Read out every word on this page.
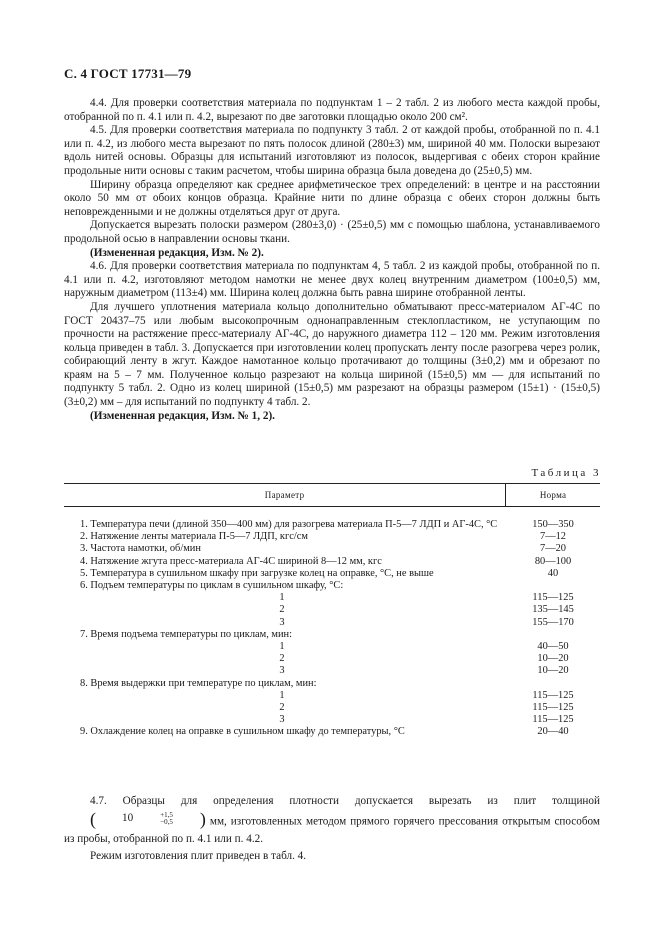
С. 4 ГОСТ 17731—79

4.4. Для проверки соответствия материала по подпунктам 1 – 2 табл. 2 из любого места каждой пробы, отобранной по п. 4.1 или п. 4.2, вырезают по две заготовки площадью около 200 см².

4.5. Для проверки соответствия материала по подпункту 3 табл. 2 от каждой пробы, отобранной по п. 4.1 или п. 4.2, из любого места вырезают по пять полосок длиной (280±3) мм, шириной 40 мм. Полоски вырезают вдоль нитей основы. Образцы для испытаний изготовляют из полосок, выдергивая с обеих сторон крайние продольные нити основы с таким расчетом, чтобы ширина образца была доведена до (25±0,5) мм.

Ширину образца определяют как среднее арифметическое трех определений: в центре и на расстоянии около 50 мм от обоих концов образца. Крайние нити по длине образца с обеих сторон должны быть неповрежденными и не должны отделяться друг от друга.

Допускается вырезать полоски размером (280±3,0) · (25±0,5) мм с помощью шаблона, устанавливаемого продольной осью в направлении основы ткани.

(Измененная редакция, Изм. № 2).

4.6. Для проверки соответствия материала по подпунктам 4, 5 табл. 2 из каждой пробы, отобранной по п. 4.1 или п. 4.2, изготовляют методом намотки не менее двух колец внутренним диаметром (100±0,5) мм, наружным диаметром (113±4) мм. Ширина колец должна быть равна ширине отобранной ленты.

Для лучшего уплотнения материала кольцо дополнительно обматывают пресс-материалом АГ-4С по ГОСТ 20437–75 или любым высокопрочным однонаправленным стеклопластиком, не уступающим по прочности на растяжение пресс-материалу АГ-4С, до наружного диаметра 112 – 120 мм. Режим изготовления кольца приведен в табл. 3. Допускается при изготовлении колец пропускать ленту после разогрева через ролик, собирающий ленту в жгут. Каждое намотанное кольцо протачивают до толщины (3±0,2) мм и обрезают по краям на 5 – 7 мм. Полученное кольцо разрезают на кольца шириной (15±0,5) мм — для испытаний по подпункту 5 табл. 2. Одно из колец шириной (15±0,5) мм разрезают на образцы размером (15±1) · (15±0,5) (3±0,2) мм – для испытаний по подпункту 4 табл. 2.

(Измененная редакция, Изм. № 1, 2).

Таблица 3
Параметр	Норма
1. Температура печи (длиной 350—400 мм) для разогрева материала П-5—7 ЛДП и АГ-4С, °С	150—350
2. Натяжение ленты материала П-5—7 ЛДП, кгс/см	7—12
3. Частота намотки, об/мин	7—20
4. Натяжение жгута пресс-материала АГ-4С шириной 8—12 мм, кгс	80—100
5. Температура в сушильном шкафу при загрузке колец на оправке, °С, не выше	40
6. Подъем температуры по циклам в сушильном шкафу, °С:
1	115—125
2	135—145
3	155—170
7. Время подъема температуры по циклам, мин:
1	40—50
2	10—20
3	10—20
8. Время выдержки при температуре по циклам, мин:
1	115—125
2	115—125
3	115—125
9. Охлаждение колец на оправке в сушильном шкафу до температуры, °С	20—40

4.7. Образцы для определения плотности допускается вырезать из плит толщиной
(	10	+1,5
−0,5	) мм, изготовленных методом прямого горячего прессования открытым способом из пробы, отобранной по п. 4.1 или п. 4.2.

Режим изготовления плит приведен в табл. 4.
